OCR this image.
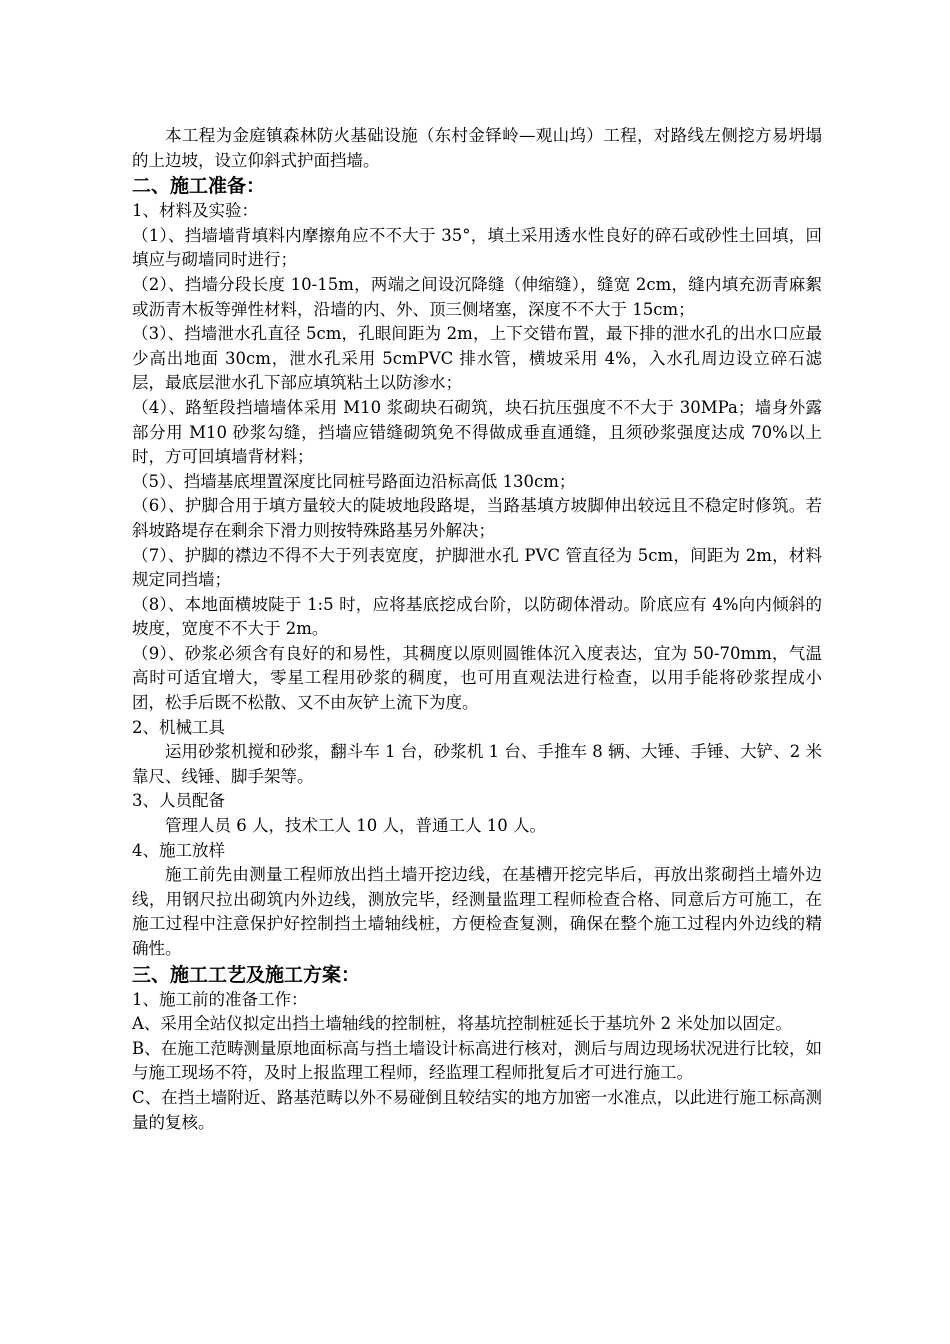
本工程为金庭镇森林防火基础设施（东村金铎岭—观山坞）工程，对路线左侧挖方易坍塌的上边坡，设立仰斜式护面挡墙。

二、施工准备：

1、材料及实验：

（1）、挡墙墙背填料内摩擦角应不不大于 35°，填土采用透水性良好的碎石或砂性土回填，回填应与砌墙同时进行；

（2）、挡墙分段长度 10-15m，两端之间设沉降缝（伸缩缝），缝宽 2cm，缝内填充沥青麻絮或沥青木板等弹性材料，沿墙的内、外、顶三侧堵塞，深度不不大于 15cm；

（3）、挡墙泄水孔直径 5cm，孔眼间距为 2m，上下交错布置，最下排的泄水孔的出水口应最少高出地面 30cm，泄水孔采用 5cmPVC 排水管，横坡采用 4%，入水孔周边设立碎石滤层，最底层泄水孔下部应填筑粘土以防渗水；

（4）、路堑段挡墙墙体采用 M10 浆砌块石砌筑，块石抗压强度不不大于 30MPa；墙身外露部分用 M10 砂浆勾缝，挡墙应错缝砌筑免不得做成垂直通缝，且须砂浆强度达成 70%以上时，方可回填墙背材料；

（5）、挡墙基底埋置深度比同桩号路面边沿标高低 130cm；

（6）、护脚合用于填方量较大的陡坡地段路堤，当路基填方坡脚伸出较远且不稳定时修筑。若斜坡路堤存在剩余下滑力则按特殊路基另外解决；

（7）、护脚的襟边不得不大于列表宽度，护脚泄水孔 PVC 管直径为 5cm，间距为 2m，材料规定同挡墙；

（8）、本地面横坡陡于 1:5 时，应将基底挖成台阶，以防砌体滑动。阶底应有 4%向内倾斜的坡度，宽度不不大于 2m。

（9）、砂浆必须含有良好的和易性，其稠度以原则圆锥体沉入度表达，宜为 50-70mm，气温高时可适宜增大，零星工程用砂浆的稠度，也可用直观法进行检查，以用手能将砂浆捏成小团，松手后既不松散、又不由灰铲上流下为度。

2、机械工具

运用砂浆机搅和砂浆，翻斗车 1 台，砂浆机 1 台、手推车 8 辆、大锤、手锤、大铲、2 米靠尺、线锤、脚手架等。

3、人员配备

管理人员 6 人，技术工人 10 人，普通工人 10 人。

4、施工放样

施工前先由测量工程师放出挡土墙开挖边线，在基槽开挖完毕后，再放出浆砌挡土墙外边线，用钢尺拉出砌筑内外边线，测放完毕，经测量监理工程师检查合格、同意后方可施工，在施工过程中注意保护好控制挡土墙轴线桩，方便检查复测，确保在整个施工过程内外边线的精确性。

三、施工工艺及施工方案：

1、施工前的准备工作：

A、采用全站仪拟定出挡土墙轴线的控制桩，将基坑控制桩延长于基坑外 2 米处加以固定。

B、在施工范畴测量原地面标高与挡土墙设计标高进行核对，测后与周边现场状况进行比较，如与施工现场不符，及时上报监理工程师，经监理工程师批复后才可进行施工。

C、在挡土墙附近、路基范畴以外不易碰倒且较结实的地方加密一水准点，以此进行施工标高测量的复核。
